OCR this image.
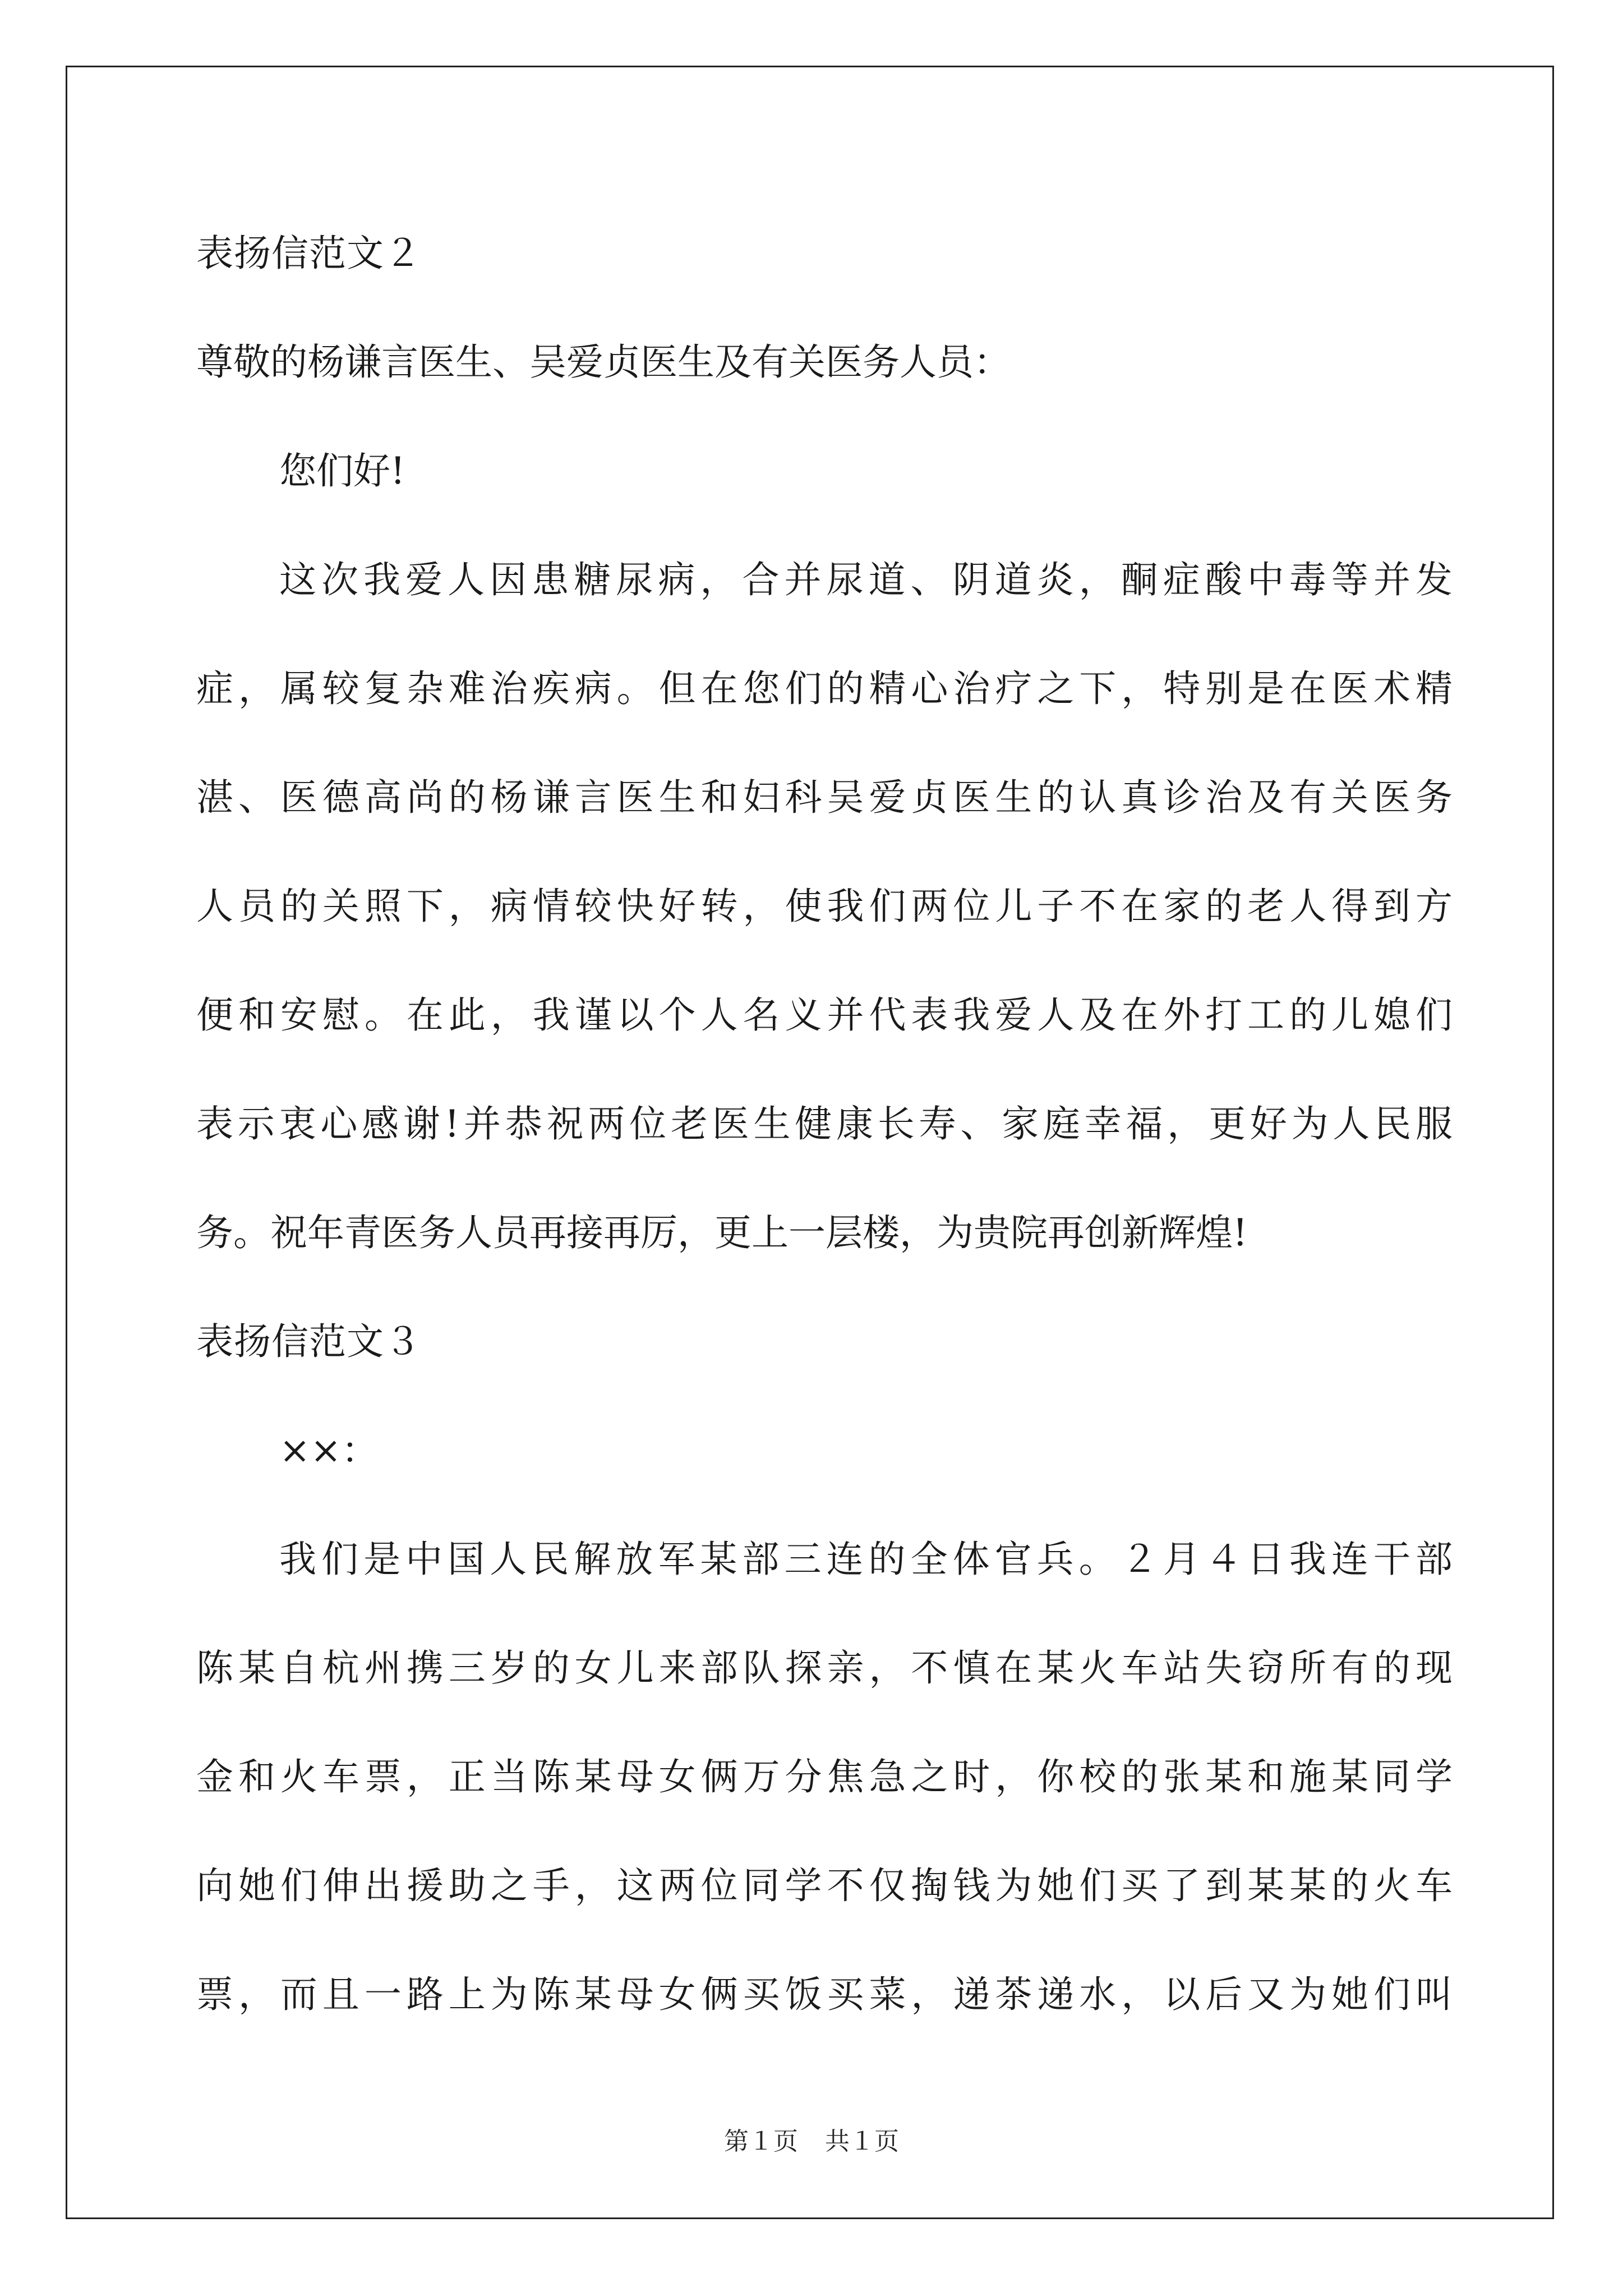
表扬信范文２
尊敬的杨谦言医生、吴爱贞医生及有关医务人员：
您们好!
这次我爱人因患糖尿病，合并尿道、阴道炎，酮症酸中毒等并发
症，属较复杂难治疾病。但在您们的精心治疗之下，特别是在医术精
湛、医德高尚的杨谦言医生和妇科吴爱贞医生的认真诊治及有关医务
人员的关照下，病情较快好转，使我们两位儿子不在家的老人得到方
便和安慰。在此，我谨以个人名义并代表我爱人及在外打工的儿媳们
表示衷心感谢!并恭祝两位老医生健康长寿、家庭幸福，更好为人民服
务。祝年青医务人员再接再厉，更上一层楼，为贵院再创新辉煌!
表扬信范文３
××：
我们是中国人民解放军某部三连的全体官兵。２月４日我连干部
陈某自杭州携三岁的女儿来部队探亲，不慎在某火车站失窃所有的现
金和火车票，正当陈某母女俩万分焦急之时，你校的张某和施某同学
向她们伸出援助之手，这两位同学不仅掏钱为她们买了到某某的火车
票，而且一路上为陈某母女俩买饭买菜，递茶递水，以后又为她们叫
第１页 共１页
